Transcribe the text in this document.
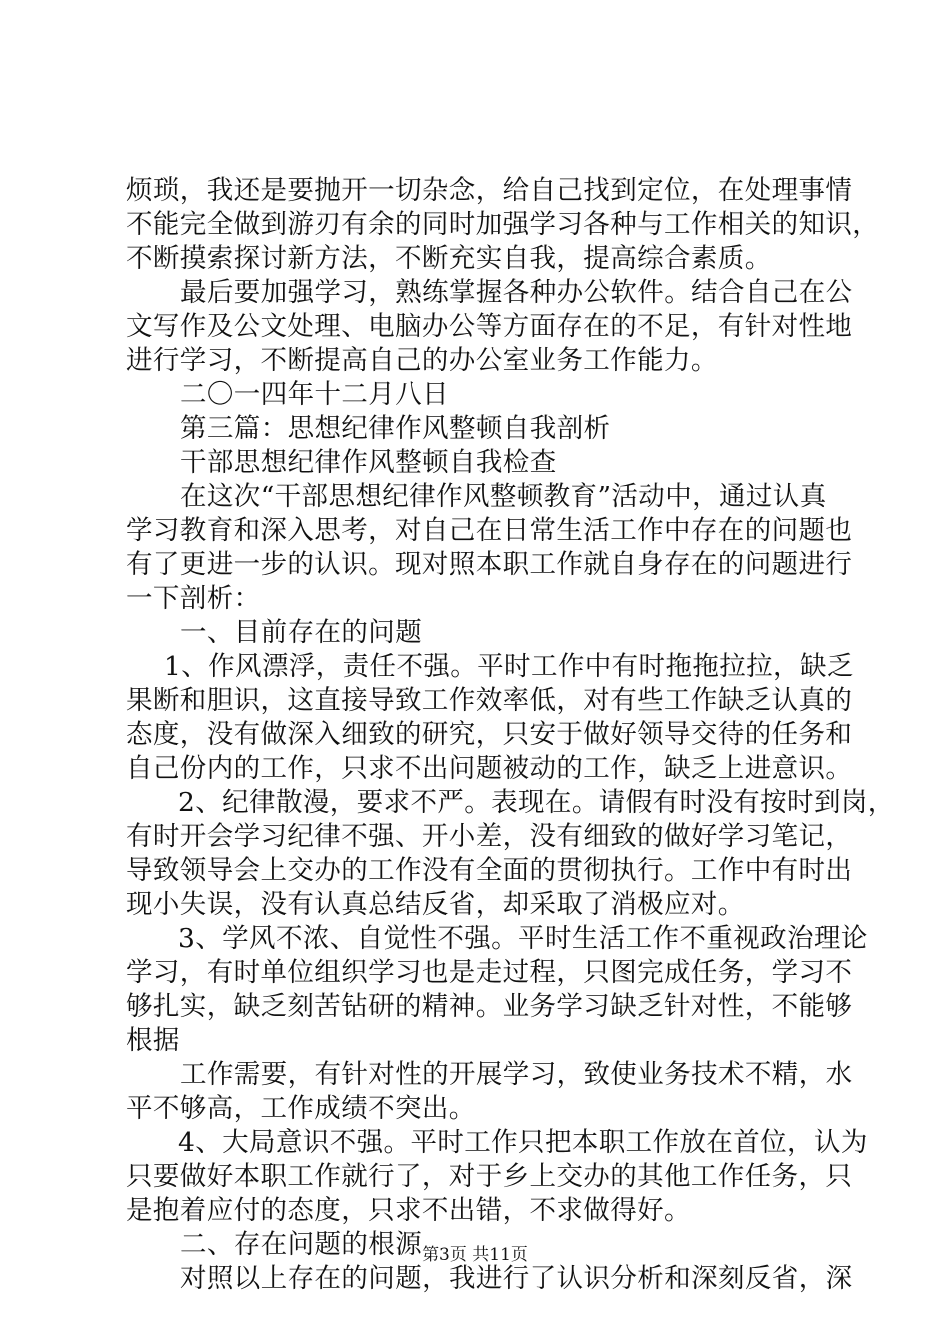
烦琐，我还是要抛开一切杂念，给自己找到定位，在处理事情
不能完全做到游刃有余的同时加强学习各种与工作相关的知识，
不断摸索探讨新方法，不断充实自我，提高综合素质。
最后要加强学习，熟练掌握各种办公软件。结合自己在公
文写作及公文处理、电脑办公等方面存在的不足，有针对性地
进行学习，不断提高自己的办公室业务工作能力。
二〇一四年十二月八日
第三篇：思想纪律作风整顿自我剖析
干部思想纪律作风整顿自我检查
在这次“干部思想纪律作风整顿教育”活动中，通过认真
学习教育和深入思考，对自己在日常生活工作中存在的问题也
有了更进一步的认识。现对照本职工作就自身存在的问题进行
一下剖析：
一、目前存在的问题
1、作风漂浮，责任不强。平时工作中有时拖拖拉拉，缺乏
果断和胆识，这直接导致工作效率低，对有些工作缺乏认真的
态度，没有做深入细致的研究，只安于做好领导交待的任务和
自己份内的工作，只求不出问题被动的工作，缺乏上进意识。
2、纪律散漫，要求不严。表现在。请假有时没有按时到岗，
有时开会学习纪律不强、开小差，没有细致的做好学习笔记，
导致领导会上交办的工作没有全面的贯彻执行。工作中有时出
现小失误，没有认真总结反省，却采取了消极应对。
3、学风不浓、自觉性不强。平时生活工作不重视政治理论
学习，有时单位组织学习也是走过程，只图完成任务，学习不
够扎实，缺乏刻苦钻研的精神。业务学习缺乏针对性，不能够
根据
工作需要，有针对性的开展学习，致使业务技术不精，水
平不够高，工作成绩不突出。
4、大局意识不强。平时工作只把本职工作放在首位，认为
只要做好本职工作就行了，对于乡上交办的其他工作任务，只
是抱着应付的态度，只求不出错，不求做得好。
二、存在问题的根源
对照以上存在的问题，我进行了认识分析和深刻反省，深
第3页 共11页
